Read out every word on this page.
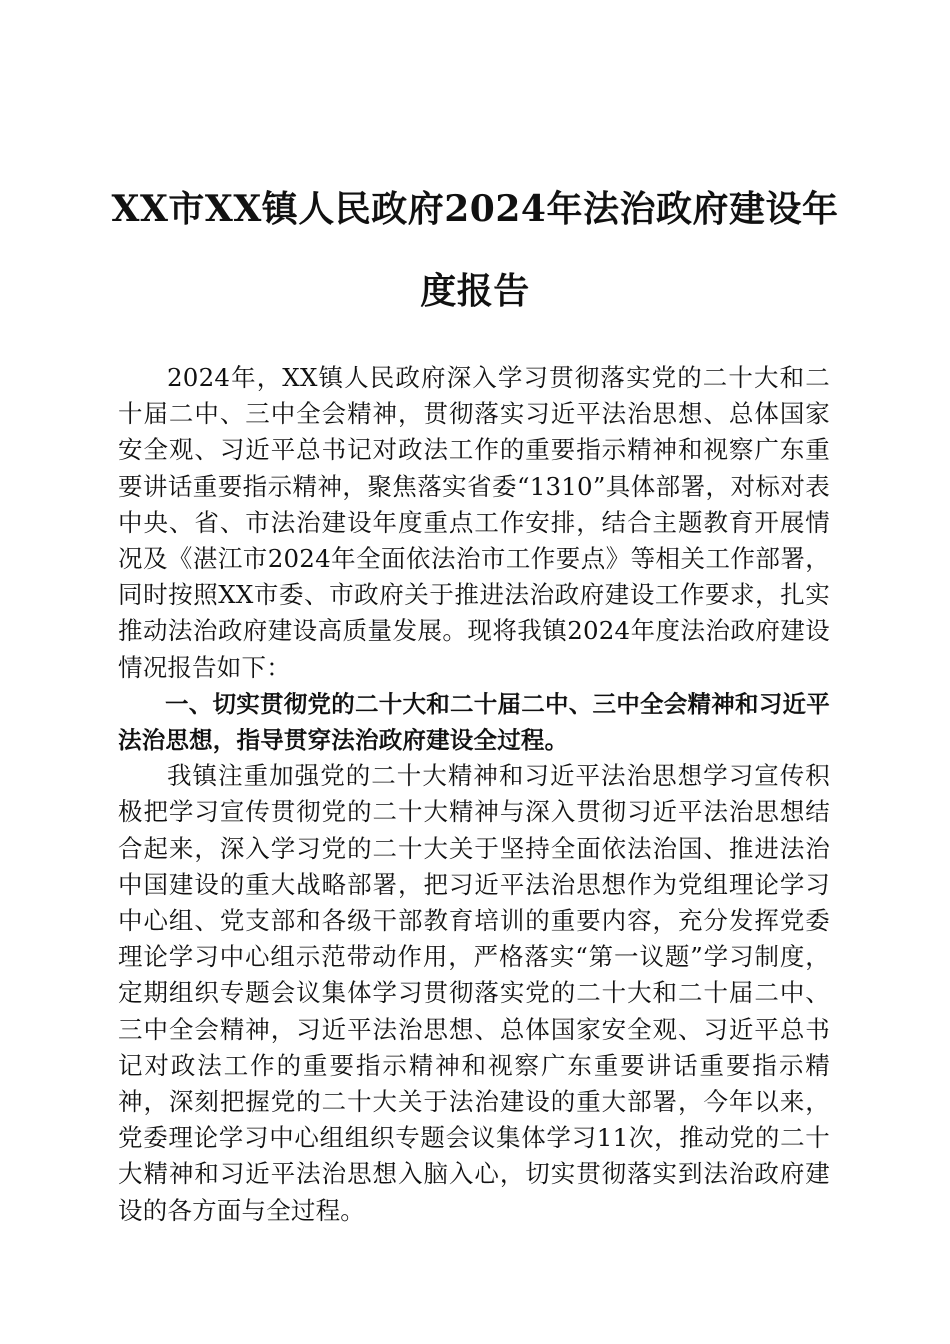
XX市XX镇人民政府2024年法治政府建设年
度报告

2024年，XX镇人民政府深入学习贯彻落实党的二十大和二十届二中、三中全会精神，贯彻落实习近平法治思想、总体国家安全观、习近平总书记对政法工作的重要指示精神和视察广东重要讲话重要指示精神，聚焦落实省委“1310”具体部署，对标对表中央、省、市法治建设年度重点工作安排，结合主题教育开展情况及《湛江市2024年全面依法治市工作要点》等相关工作部署，同时按照XX市委、市政府关于推进法治政府建设工作要求，扎实推动法治政府建设高质量发展。现将我镇2024年度法治政府建设情况报告如下：

一、切实贯彻党的二十大和二十届二中、三中全会精神和习近平法治思想，指导贯穿法治政府建设全过程。

我镇注重加强党的二十大精神和习近平法治思想学习宣传积极把学习宣传贯彻党的二十大精神与深入贯彻习近平法治思想结合起来，深入学习党的二十大关于坚持全面依法治国、推进法治中国建设的重大战略部署，把习近平法治思想作为党组理论学习中心组、党支部和各级干部教育培训的重要内容，充分发挥党委理论学习中心组示范带动作用，严格落实“第一议题”学习制度，定期组织专题会议集体学习贯彻落实党的二十大和二十届二中、三中全会精神，习近平法治思想、总体国家安全观、习近平总书记对政法工作的重要指示精神和视察广东重要讲话重要指示精神，深刻把握党的二十大关于法治建设的重大部署，今年以来，党委理论学习中心组组织专题会议集体学习11次，推动党的二十大精神和习近平法治思想入脑入心，切实贯彻落实到法治政府建设的各方面与全过程。
